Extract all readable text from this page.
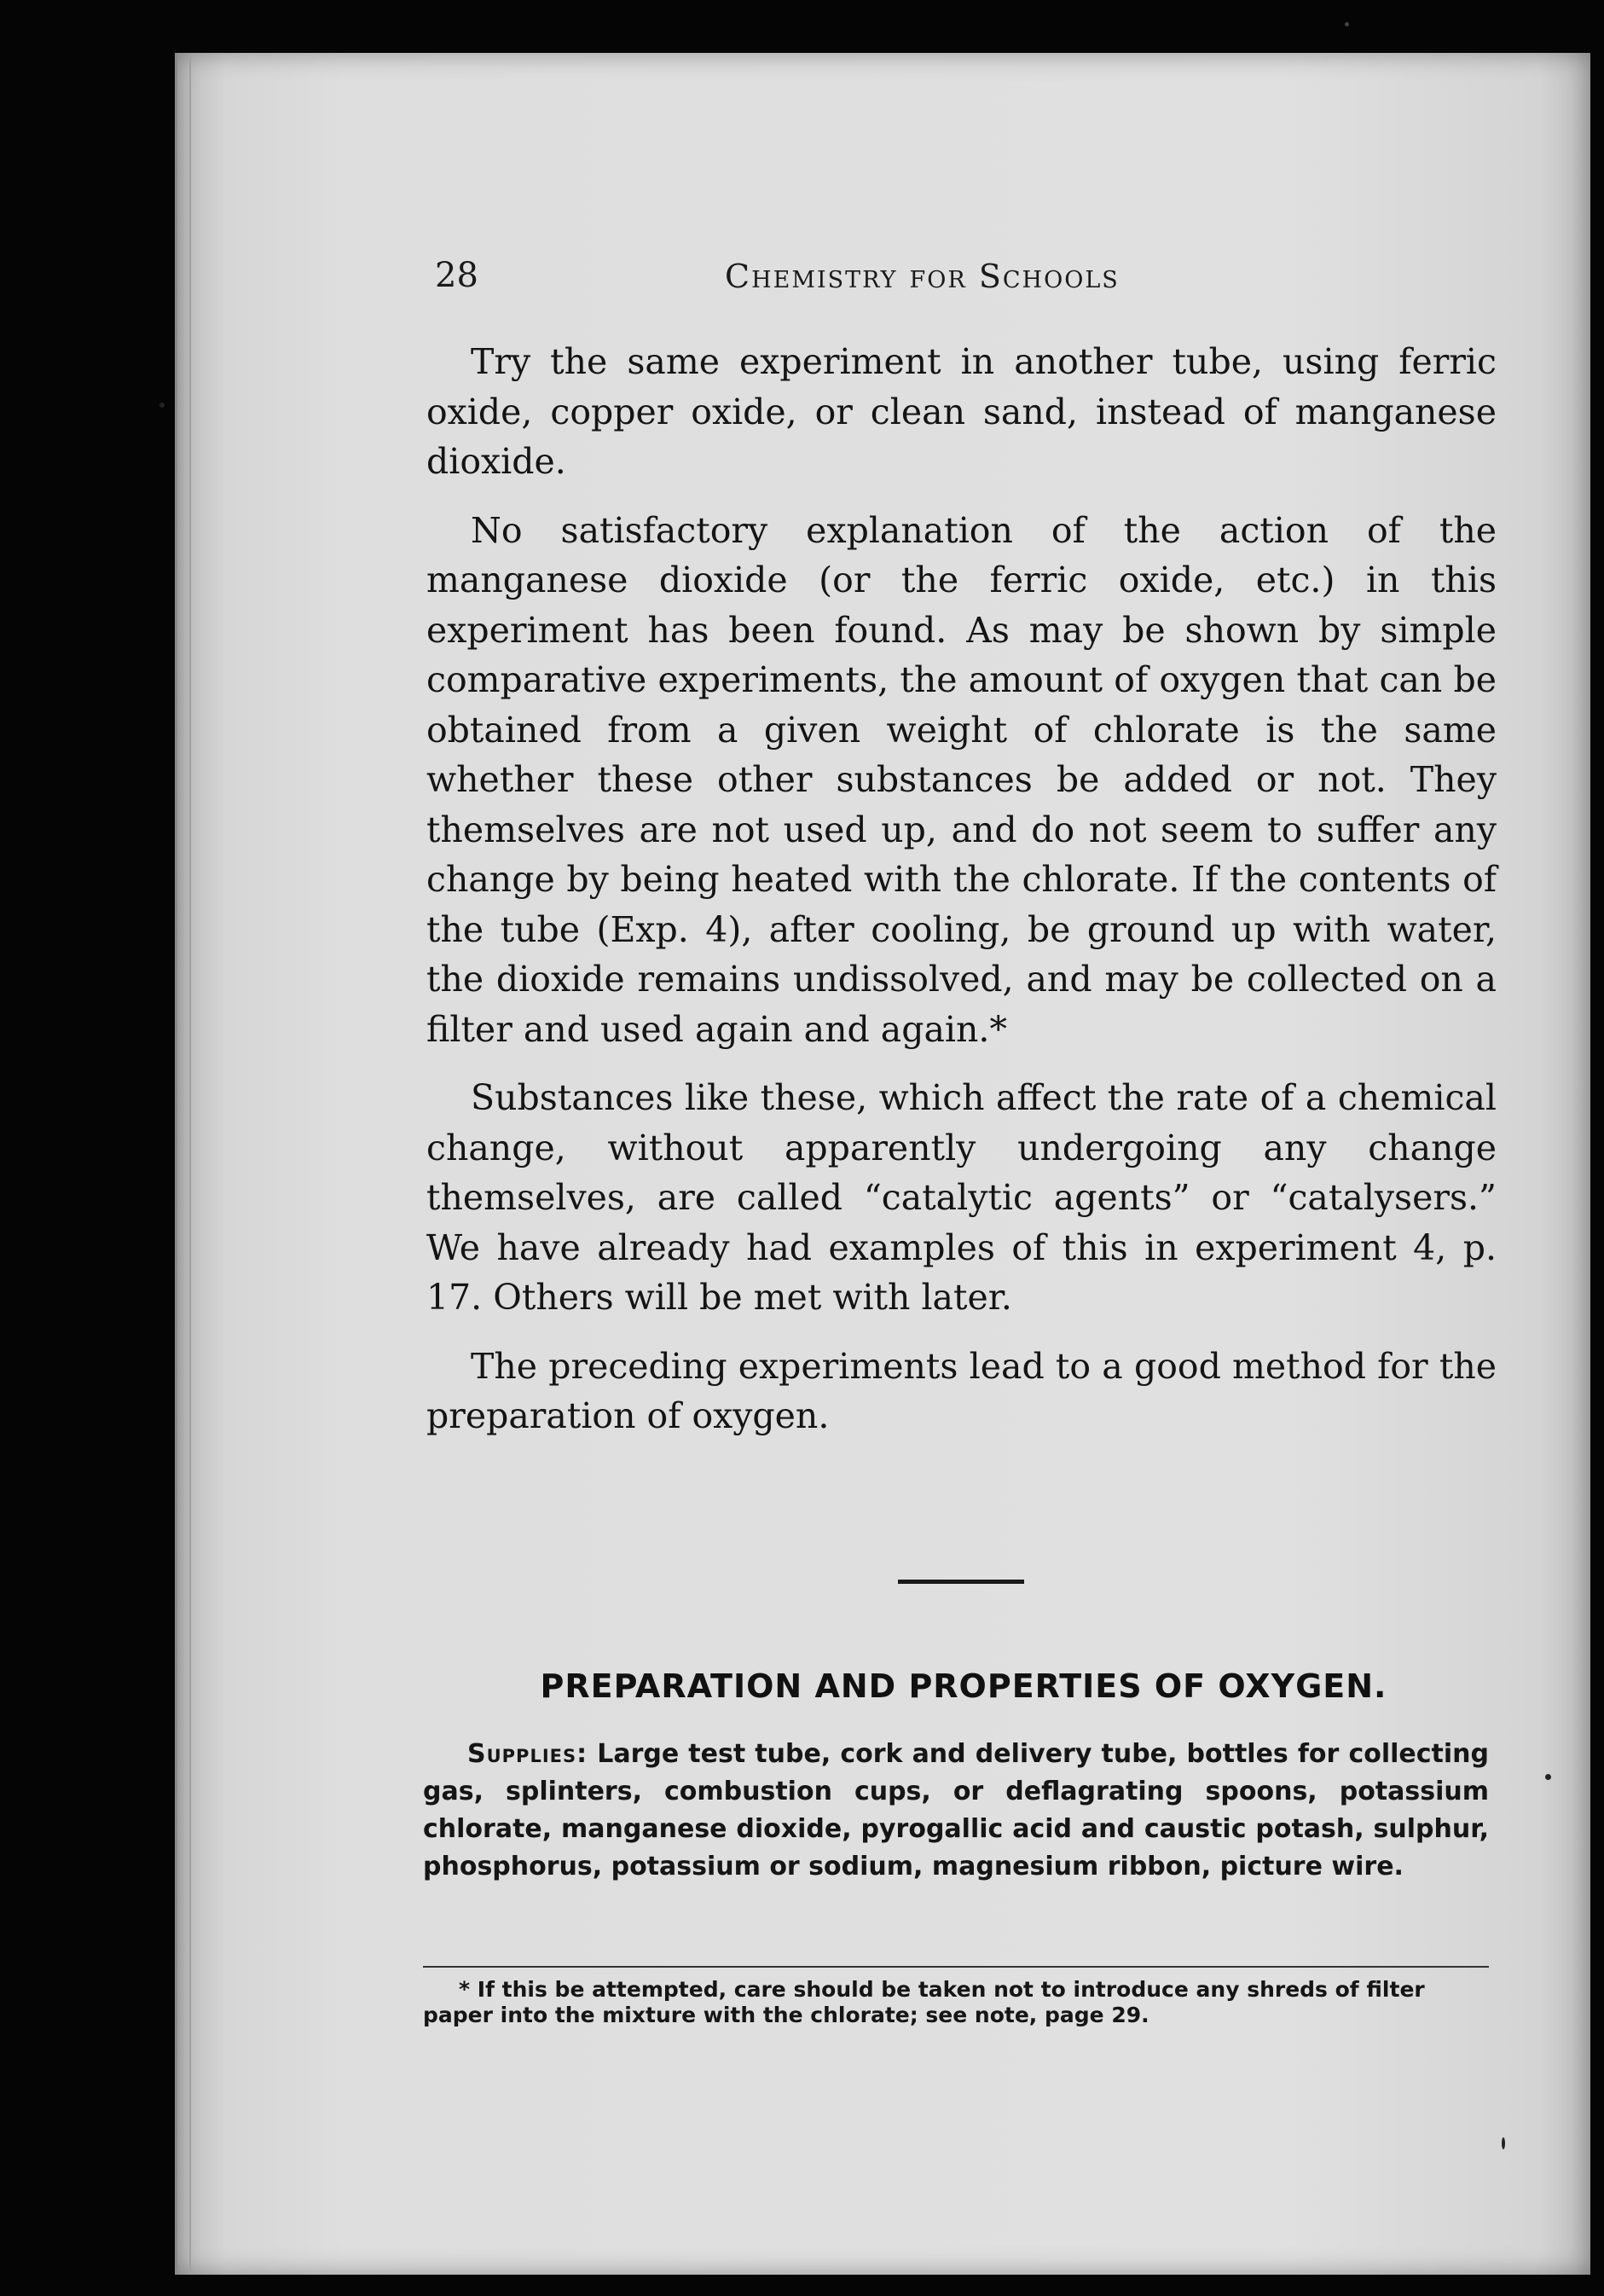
28	Chemistry for Schools

Try the same experiment in another tube, using ferric oxide, copper oxide, or clean sand, instead of manganese dioxide.

No satisfactory explanation of the action of the manganese dioxide (or the ferric oxide, etc.) in this experiment has been found. As may be shown by simple comparative experiments, the amount of oxygen that can be obtained from a given weight of chlorate is the same whether these other substances be added or not. They themselves are not used up, and do not seem to suffer any change by being heated with the chlorate. If the contents of the tube (Exp. 4), after cooling, be ground up with water, the dioxide remains undissolved, and may be collected on a filter and used again and again.*

Substances like these, which affect the rate of a chemical change, without apparently undergoing any change themselves, are called “catalytic agents” or “catalysers.” We have already had examples of this in experiment 4, p. 17. Others will be met with later.

The preceding experiments lead to a good method for the preparation of oxygen.

PREPARATION AND PROPERTIES OF OXYGEN.
Supplies: Large test tube, cork and delivery tube, bottles for collecting gas, splinters, combustion cups, or deflagrating spoons, potassium chlorate, manganese dioxide, pyrogallic acid and caustic potash, sulphur, phosphorus, potassium or sodium, magnesium ribbon, picture wire.
* If this be attempted, care should be taken not to introduce any shreds of filter paper into the mixture with the chlorate; see note, page 29.
